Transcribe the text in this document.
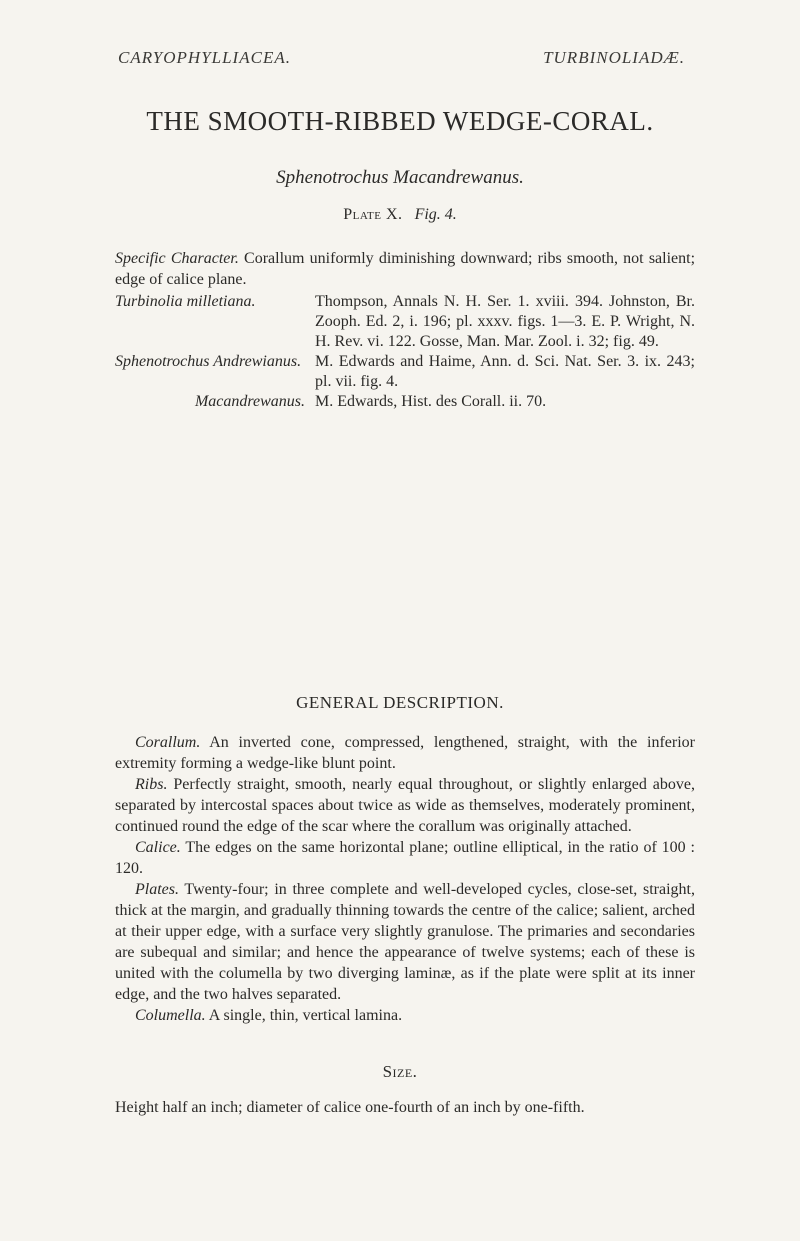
CARYOPHYLLIACEA.	TURBINOLIADÆ.
THE SMOOTH-RIBBED WEDGE-CORAL.
Sphenotrochus Macandrewanus.
Plate X. Fig. 4.
Specific Character. Corallum uniformly diminishing downward; ribs smooth, not salient; edge of calice plane.
Turbinolia milletiana.	Thompson, Annals N. H. Ser. 1. xviii. 394. Johnston, Br. Zooph. Ed. 2, i. 196; pl. xxxv. figs. 1—3. E. P. Wright, N. H. Rev. vi. 122. Gosse, Man. Mar. Zool. i. 32; fig. 49.
Sphenotrochus Andrewianus. M. Edwards and Haime, Ann. d. Sci. Nat. Ser. 3. ix. 243; pl. vii. fig. 4.
Macandrewanus. M. Edwards, Hist. des Corall. ii. 70.
GENERAL DESCRIPTION.

Corallum. An inverted cone, compressed, lengthened, straight, with the inferior extremity forming a wedge-like blunt point.

Ribs. Perfectly straight, smooth, nearly equal throughout, or slightly enlarged above, separated by intercostal spaces about twice as wide as themselves, moderately prominent, continued round the edge of the scar where the corallum was originally attached.

Calice. The edges on the same horizontal plane; outline elliptical, in the ratio of 100 : 120.

Plates. Twenty-four; in three complete and well-developed cycles, close-set, straight, thick at the margin, and gradually thinning towards the centre of the calice; salient, arched at their upper edge, with a surface very slightly granulose. The primaries and secondaries are subequal and similar; and hence the appearance of twelve systems; each of these is united with the columella by two diverging laminæ, as if the plate were split at its inner edge, and the two halves separated.

Columella. A single, thin, vertical lamina.

Size.
Height half an inch; diameter of calice one-fourth of an inch by one-fifth.
